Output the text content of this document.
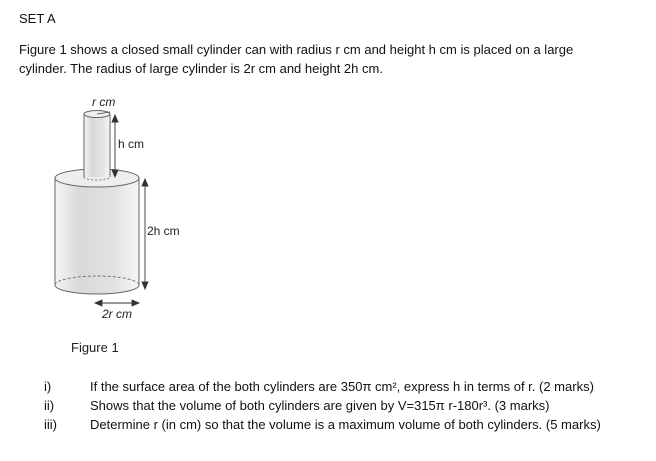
SET A
Figure 1 shows a closed small cylinder can with radius r cm and height h cm is placed on a large
cylinder. The radius of large cylinder is 2r cm and height 2h cm.
r cm
h cm
2h cm
2r cm
Figure 1
i)	If the surface area of the both cylinders are 350π cm², express h in terms of r. (2 marks)
ii)	Shows that the volume of both cylinders are given by V=315π r-180r³. (3 marks)
iii)	Determine r (in cm) so that the volume is a maximum volume of both cylinders. (5 marks)
